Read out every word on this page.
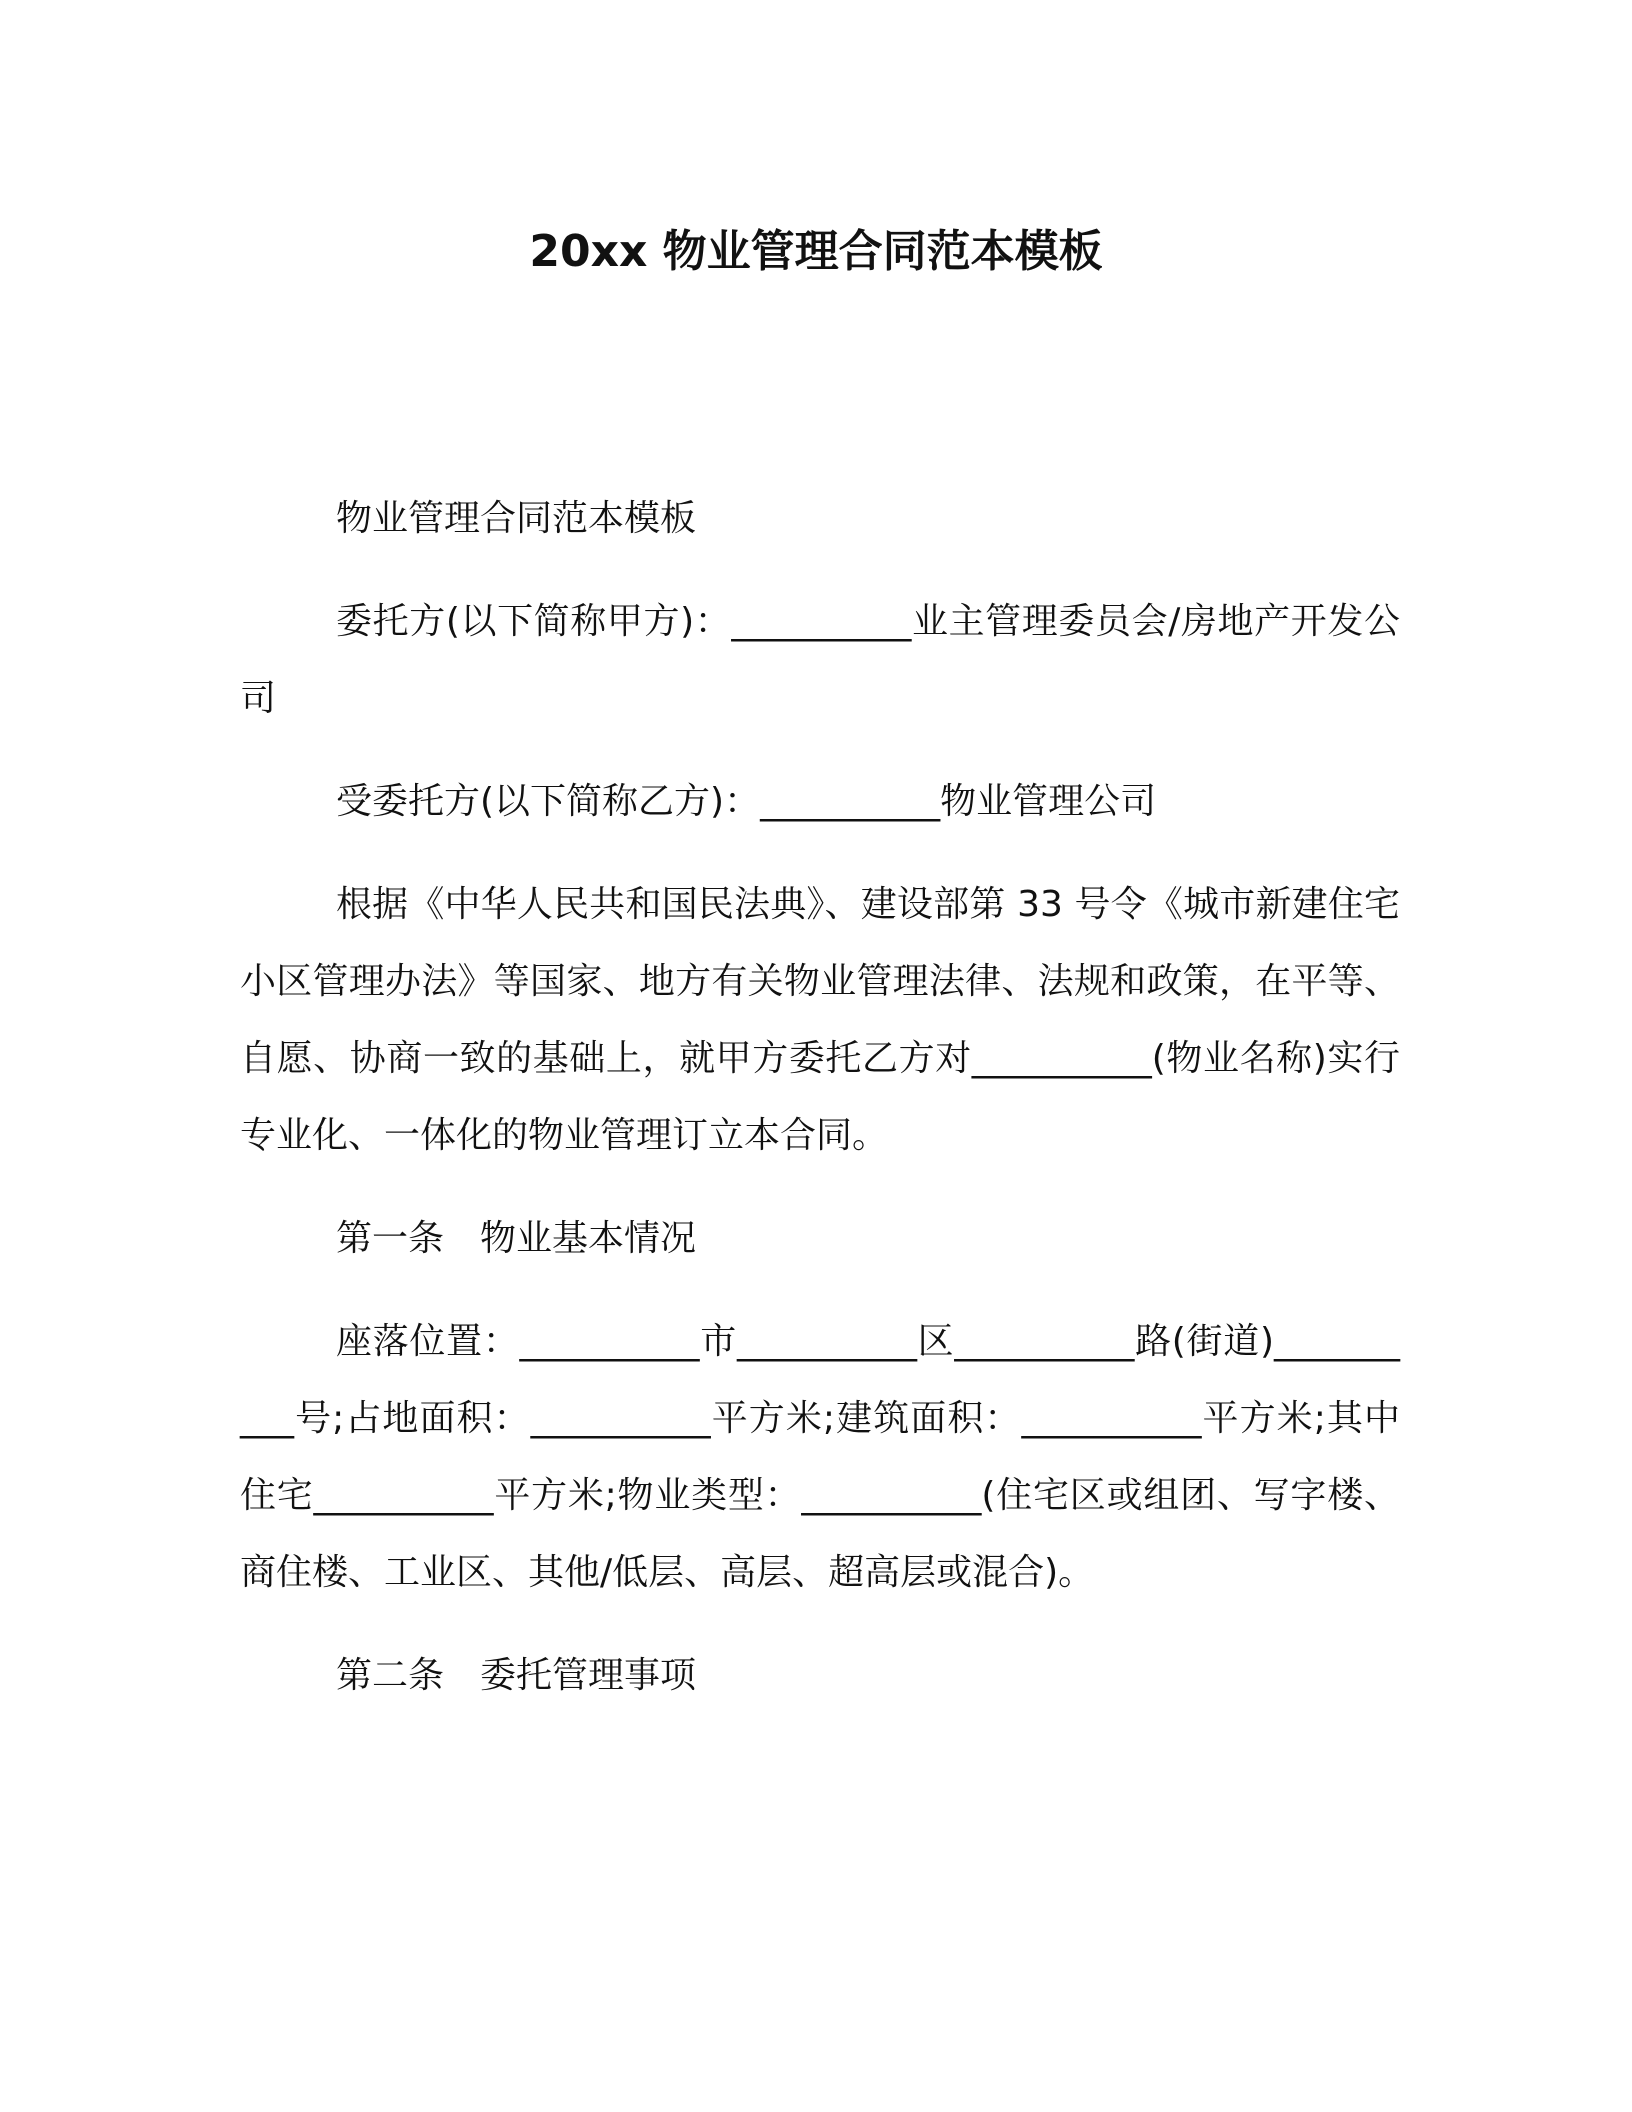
20xx 物业管理合同范本模板

物业管理合同范本模板

委托方(以下简称甲方)：__________业主管理委员会/房地产开发公司

受委托方(以下简称乙方)：__________物业管理公司

根据《中华人民共和国民法典》、建设部第 33 号令《城市新建住宅小区管理办法》等国家、地方有关物业管理法律、法规和政策，在平等、自愿、协商一致的基础上，就甲方委托乙方对__________(物业名称)实行专业化、一体化的物业管理订立本合同。

第一条　物业基本情况

座落位置：__________市__________区__________路(街道)__________号;占地面积：__________平方米;建筑面积：__________平方米;其中住宅__________平方米;物业类型：__________(住宅区或组团、写字楼、商住楼、工业区、其他/低层、高层、超高层或混合)。

第二条　委托管理事项
